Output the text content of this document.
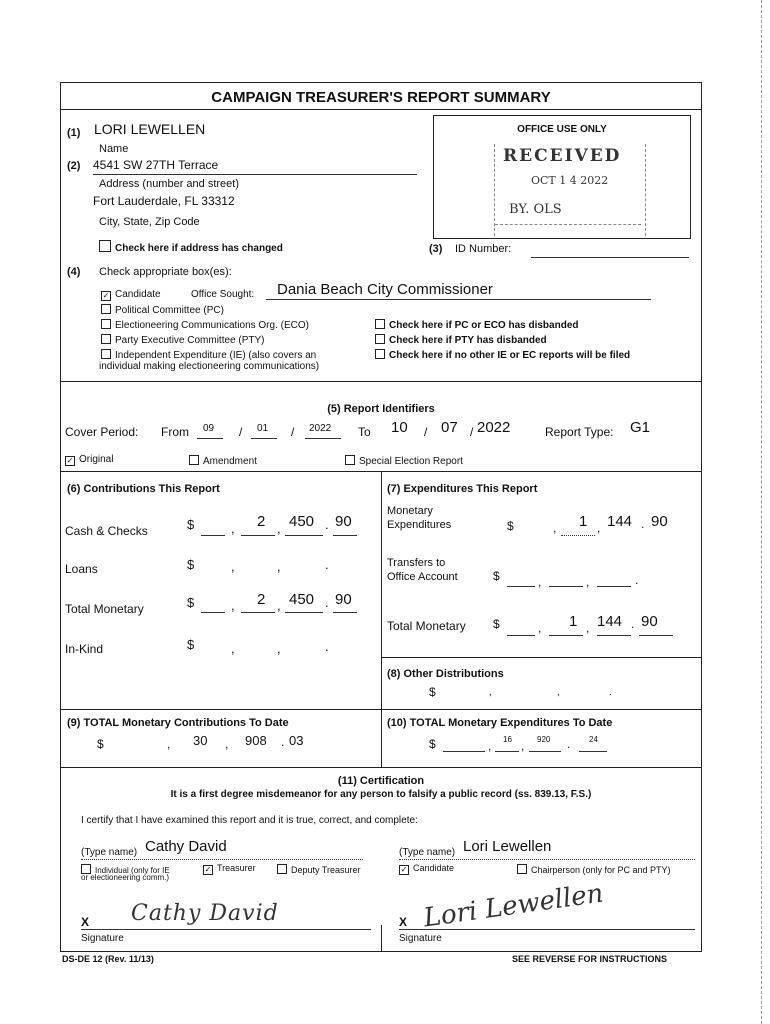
CAMPAIGN TREASURER'S REPORT SUMMARY
(1) LORI LEWELLEN
Name
(2) 4541 SW 27TH Terrace
Address (number and street)
Fort Lauderdale, FL 33312
City, State, Zip Code
Check here if address has changed
OFFICE USE ONLY
RECEIVED
OCT 1 4 2022
BY. OLS
(3) ID Number:
(4) Check appropriate box(es):
✓ Candidate	Office Sought: Dania Beach City Commissioner
Political Committee (PC)
Electioneering Communications Org. (ECO)
Party Executive Committee (PTY)
Independent Expenditure (IE) (also covers an
individual making electioneering communications)
Check here if PC or ECO has disbanded
Check here if PTY has disbanded
Check here if no other IE or EC reports will be filed
(5) Report Identifiers
Cover Period: From 09 / 01 / 2022 To 10 / 07 / 2022	Report Type: G1
✓ Original	Amendment	Special Election Report
(6) Contributions This Report
Cash & Checks	$	, 2 , 450 . 90
Loans	$	,	,	.
Total Monetary	$	, 2 , 450 . 90
In-Kind	$	,	,	.
(7) Expenditures This Report
Monetary
Expenditures	$	, 1 , 144 . 90
Transfers to
Office Account	$	,	,	.
Total Monetary $	, 1 , 144 . 90
(8) Other Distributions
$	,	,	.
(9) TOTAL Monetary Contributions To Date
$	, 30 , 908 . 03
(10) TOTAL Monetary Expenditures To Date
$	, 16 , 920 . 24
(11) Certification
It is a first degree misdemeanor for any person to falsify a public record (ss. 839.13, F.S.)
I certify that I have examined this report and it is true, correct, and complete:
(Type name) Cathy David	(Type name) Lori Lewellen
Individual (only for IE
or electioneering comm.)
✓ Treasurer	Deputy Treasurer	✓ Candidate	Chairperson (only for PC and PTY)
X Cathy David
Signature
X Lori Lewellen
Signature
DS-DE 12 (Rev. 11/13)	SEE REVERSE FOR INSTRUCTIONS
